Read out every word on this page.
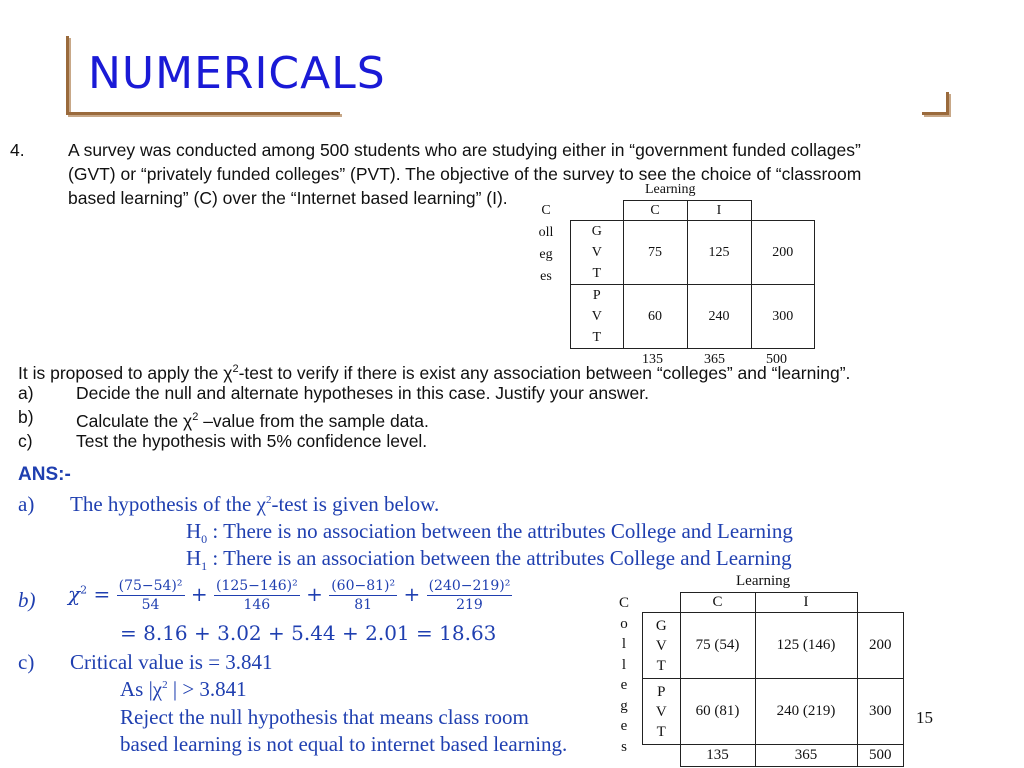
NUMERICALS
4. A survey was conducted among 500 students who are studying either in “government funded collages”
(GVT) or “privately funded colleges” (PVT). The objective of the survey to see the choice of “classroom
based learning” (C) over the “Internet based learning” (I).	Learning
C
oll
eg
es
	C	I	

G
V
T	75	125	200

P
V
T	60	240	300
135	365	500
It is proposed to apply the $\chi^2$-test to verify if there is exist any association between “colleges” and “learning”.
a) Decide the null and alternate hypotheses in this case. Justify your answer.
b) Calculate the $\chi^2$ –value from the sample data.
c) Test the hypothesis with 5% confidence level.
ANS:-
a) The hypothesis of the $\chi^2$-test is given below.
$H_0$ : There is no association between the attributes College and Learning
$H_1$ : There is an association between the attributes College and Learning
b) $\chi^2 = \frac{\text{(75−54)²}}{54} + \frac{\text{(125−146)²}}{146} + \frac{\text{(60−81)²}}{81} + \frac{\text{(240−219)²}}{219}$
= 8.16 + 3.02 + 5.44 + 2.01 = 18.63
c) Critical value is = 3.841
As $|\chi^2$ | > 3.841
Reject the null hypothesis that means class room
based learning is not equal to internet based learning.
Learning
C
o
l
l
e
g
e
s
	C	I	

G
V
T	75 (54)	125 (146)	200

P
V
T	60 (81)	240 (219)	300
	135	365	500
15
